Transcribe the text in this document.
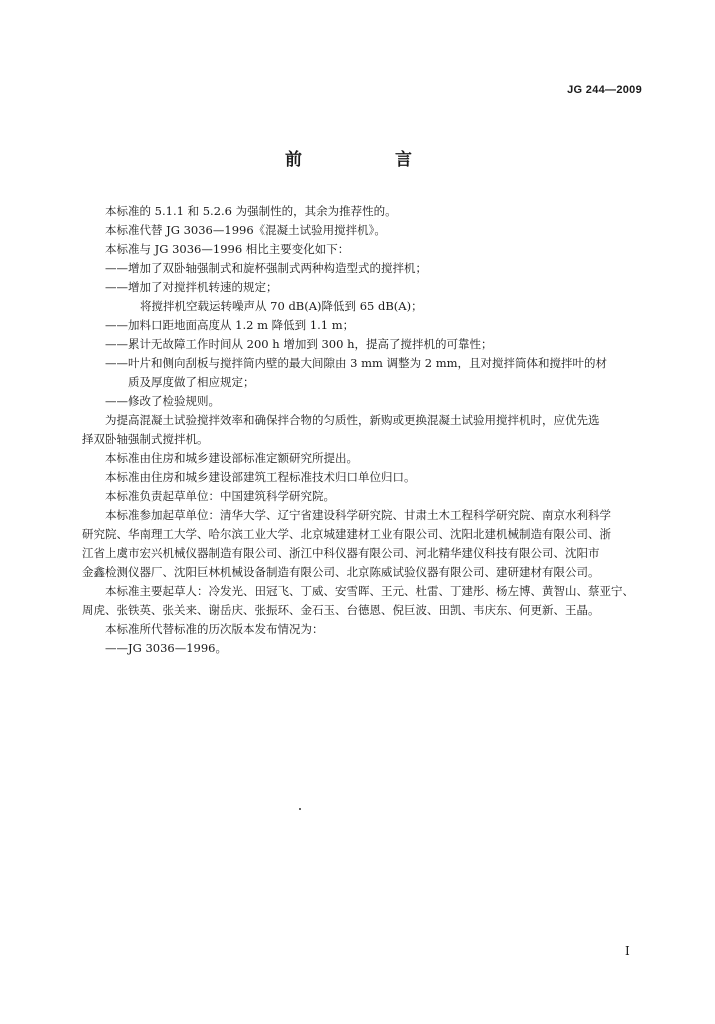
JG 244—2009
前　言

本标准的 5.1.1 和 5.2.6 为强制性的，其余为推荐性的。

本标准代替 JG 3036—1996《混凝土试验用搅拌机》。

本标准与 JG 3036—1996 相比主要变化如下：

——增加了双卧轴强制式和旋杯强制式两种构造型式的搅拌机；

——增加了对搅拌机转速的规定；

将搅拌机空载运转噪声从 70 dB(A)降低到 65 dB(A)；

——加料口距地面高度从 1.2 m 降低到 1.1 m；

——累计无故障工作时间从 200 h 增加到 300 h，提高了搅拌机的可靠性；

——叶片和侧向刮板与搅拌筒内壁的最大间隙由 3 mm 调整为 2 mm，且对搅拌筒体和搅拌叶的材

质及厚度做了相应规定；

——修改了检验规则。

为提高混凝土试验搅拌效率和确保拌合物的匀质性，新购或更换混凝土试验用搅拌机时，应优先选

择双卧轴强制式搅拌机。

本标准由住房和城乡建设部标准定额研究所提出。

本标准由住房和城乡建设部建筑工程标准技术归口单位归口。

本标准负责起草单位：中国建筑科学研究院。

本标准参加起草单位：清华大学、辽宁省建设科学研究院、甘肃土木工程科学研究院、南京水利科学

研究院、华南理工大学、哈尔滨工业大学、北京城建建材工业有限公司、沈阳北建机械制造有限公司、浙

江省上虞市宏兴机械仪器制造有限公司、浙江中科仪器有限公司、河北精华建仪科技有限公司、沈阳市

金鑫检测仪器厂、沈阳巨林机械设备制造有限公司、北京陈威试验仪器有限公司、建研建材有限公司。

本标准主要起草人：冷发光、田冠飞、丁威、安雪晖、王元、杜雷、丁建彤、杨左博、黄智山、蔡亚宁、

周虎、张铁英、张关来、谢岳庆、张振环、金石玉、台德恩、倪巨波、田凯、韦庆东、何更新、王晶。

本标准所代替标准的历次版本发布情况为：

——JG 3036—1996。

I
